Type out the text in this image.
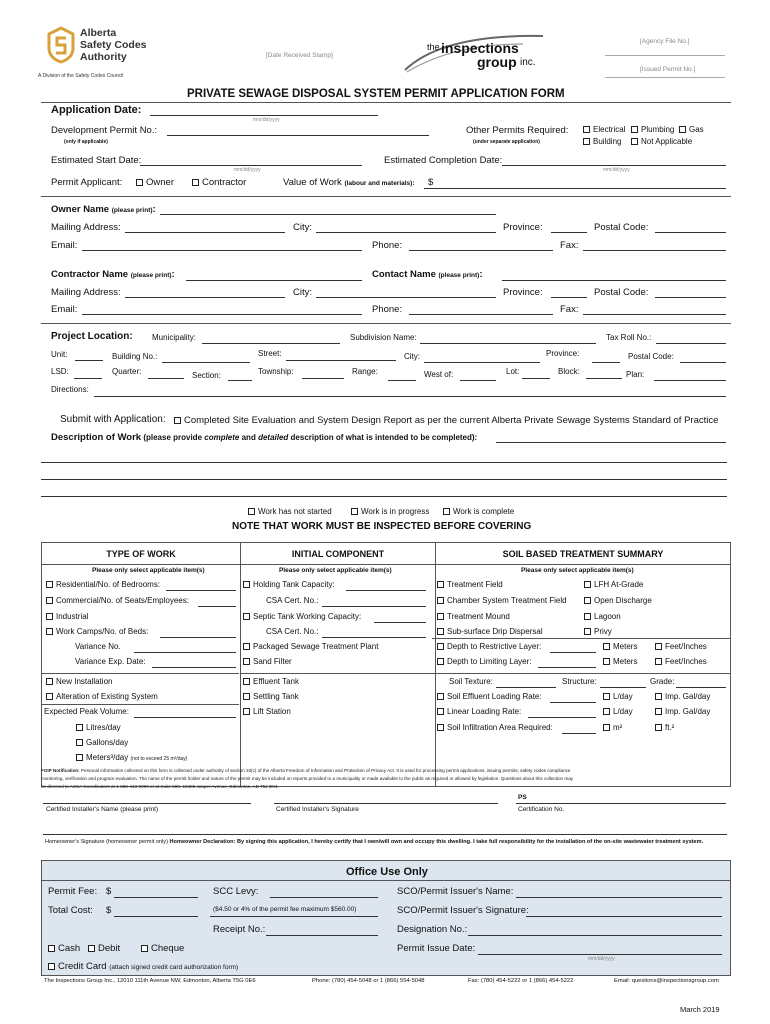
Alberta
Safety Codes
Authority
A Division of the Safety Codes Council
[Date Received Stamp]
the inspections
group inc.
[Agency File No.]
[Issued Permit No.]
PRIVATE SEWAGE DISPOSAL SYSTEM PERMIT APPLICATION FORM
Application Date:
mm/dd/yyyy
Development Permit No.:
(only if applicable)
Other Permits Required:
(under separate application)
Electrical	Plumbing	Gas
Building	Not Applicable
Estimated Start Date:
mm/dd/yyyy
Estimated Completion Date:
mm/dd/yyyy
Permit Applicant:	Owner	Contractor	Value of Work (labour and materials): $
Owner Name (please print):
Mailing Address:	City:	Province:	Postal Code:
Email:	Phone:	Fax:
Contractor Name (please print):	Contact Name (please print):
Mailing Address:	City:	Province:	Postal Code:
Email:	Phone:	Fax:
Project Location: Municipality:	Subdivision Name:	Tax Roll No.:
Unit:	Building No.:	Street:	City:	Province:	Postal Code:
LSD:	Quarter:	Section:	Township:	Range:	West of:	Lot:	Block:	Plan:
Directions:
Submit with Application:	Completed Site Evaluation and System Design Report as per the current Alberta Private Sewage Systems Standard of Practice
Description of Work (please provide complete and detailed description of what is intended to be completed):
Work has not started	Work is in progress	Work is complete
NOTE THAT WORK MUST BE INSPECTED BEFORE COVERING
TYPE OF WORK	INITIAL COMPONENT	SOIL BASED TREATMENT SUMMARY

Please only select applicable item(s)	Please only select applicable item(s)	Please only select applicable item(s)
Residential/No. of Bedrooms:
Commercial/No. of Seats/Employees:
Industrial
Work Camps/No. of Beds:
Variance No.
Variance Exp. Date:
New Installation
Alteration of Existing System
Expected Peak Volume:
Litres/day
Gallons/day
Meters³/day (not to exceed 25 m³/day)
Holding Tank Capacity:
CSA Cert. No.:
Septic Tank Working Capacity:
CSA Cert. No.:
Packaged Sewage Treatment Plant
Sand Filter
Effluent Tank
Settling Tank
Lift Station
Treatment Field	LFH At-Grade
Chamber System Treatment Field	Open Discharge
Treatment Mound	Lagoon
Sub-surface Drip Dispersal	Privy
Depth to Restrictive Layer:	Meters	Feet/Inches
Depth to Limiting Layer:	Meters	Feet/Inches
Soil Texture:	Structure:	Grade:
Soil Effluent Loading Rate:	L/day	Imp. Gal/day
Linear Loading Rate:	L/day	Imp. Gal/day
Soil Infiltration Area Required:	m²	ft.²
FOIP Notification: Personal information collected on this form is collected under authority of section 33(c) of the Alberta Freedom of Information and Protection of Privacy Act. It is used for processing permit applications, issuing permits, safety codes compliance
monitoring, verification and program evaluation. The name of the permit holder and nature of the permit may be included on reports provided to a municipality or made available to the public as required or allowed by legislation. Questions about this collection may
be directed to ASCA Coordinators at 1-888-413-0099 or at Suite 500, 10405 Jasper Avenue, Edmonton, AB T5J 3N4.
PS
Certified Installer's Name (please print)	Certified Installer's Signature	Certification No.
Homeowner's Signature (homeowner permit only) Homeowner Declaration: By signing this application, I hereby certify that I own/will own and occupy this dwelling. I take full responsibility for the installation of the on-site wastewater treatment system.
Office Use Only
Permit Fee: $	SCC Levy:	SCO/Permit Issuer's Name:
Total Cost: $	($4.50 or 4% of the permit fee maximum $560.00)	SCO/Permit Issuer's Signature:
Receipt No.:	Designation No.:
Cash	Debit	Cheque	Permit Issue Date:
mm/dd/yyyy
Credit Card (attach signed credit card authorization form)
The Inspections Group Inc., 12010 111th Avenue NW, Edmonton, Alberta T5G 0E6	Phone: (780) 454-5048 or 1 (866) 554-5048	Fax: (780) 454-5222 or 1 (866) 454-5222	Email: questions@inspectionsgroup.com
March 2019
